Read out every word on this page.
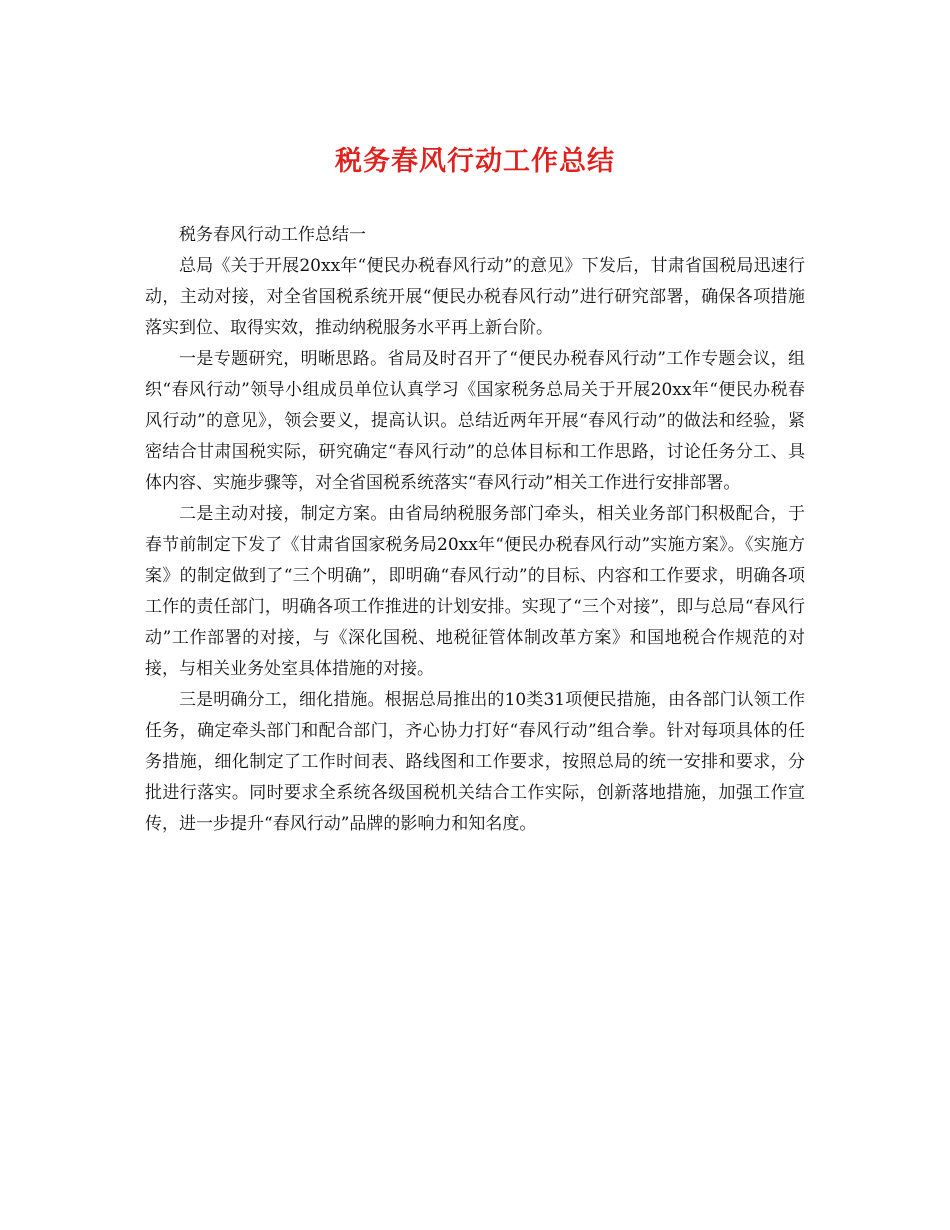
税务春风行动工作总结

税务春风行动工作总结一

总局《关于开展20xx年“便民办税春风行动”的意见》下发后，甘肃省国税局迅速行动，主动对接，对全省国税系统开展“便民办税春风行动”进行研究部署，确保各项措施落实到位、取得实效，推动纳税服务水平再上新台阶。

一是专题研究，明晰思路。省局及时召开了“便民办税春风行动”工作专题会议，组织“春风行动”领导小组成员单位认真学习《国家税务总局关于开展20xx年“便民办税春风行动”的意见》，领会要义，提高认识。总结近两年开展“春风行动”的做法和经验，紧密结合甘肃国税实际，研究确定“春风行动”的总体目标和工作思路，讨论任务分工、具体内容、实施步骤等，对全省国税系统落实“春风行动”相关工作进行安排部署。

二是主动对接，制定方案。由省局纳税服务部门牵头，相关业务部门积极配合，于春节前制定下发了《甘肃省国家税务局20xx年“便民办税春风行动”实施方案》。《实施方案》的制定做到了“三个明确”，即明确“春风行动”的目标、内容和工作要求，明确各项工作的责任部门，明确各项工作推进的计划安排。实现了“三个对接”，即与总局“春风行动”工作部署的对接，与《深化国税、地税征管体制改革方案》和国地税合作规范的对接，与相关业务处室具体措施的对接。

三是明确分工，细化措施。根据总局推出的10类31项便民措施，由各部门认领工作任务，确定牵头部门和配合部门，齐心协力打好“春风行动”组合拳。针对每项具体的任务措施，细化制定了工作时间表、路线图和工作要求，按照总局的统一安排和要求，分批进行落实。同时要求全系统各级国税机关结合工作实际，创新落地措施，加强工作宣传，进一步提升“春风行动”品牌的影响力和知名度。
